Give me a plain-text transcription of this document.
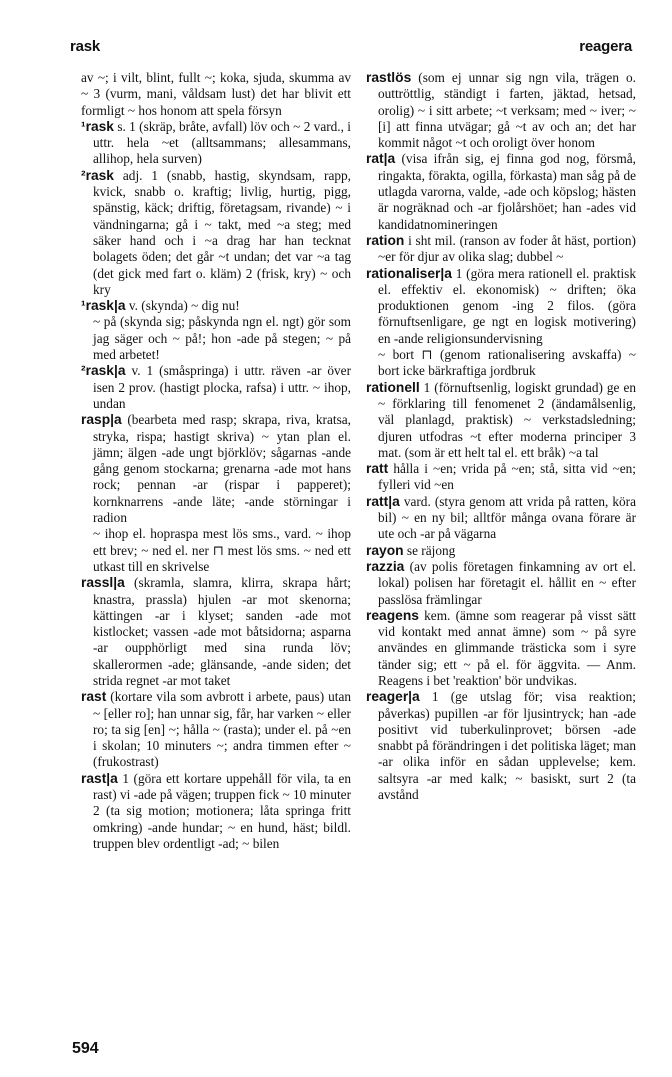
rask	reagera

av ~; i vilt, blint, fullt ~; koka, sjuda, skumma av ~ 3 (vurm, mani, våldsam lust) det har blivit ett formligt ~ hos honom att spela försyn

¹rask s. 1 (skräp, bråte, avfall) löv och ~ 2 vard., i uttr. hela ~et (alltsammans; allesammans, allihop, hela surven)

²rask adj. 1 (snabb, hastig, skyndsam, rapp, kvick, snabb o. kraftig; livlig, hurtig, pigg, spänstig, käck; driftig, företagsam, rivande) ~ i vändningarna; gå i ~ takt, med ~a steg; med säker hand och i ~a drag har han tecknat bolagets öden; det går ~t undan; det var ~a tag (det gick med fart o. kläm) 2 (frisk, kry) ~ och kry

¹rask|a v. (skynda) ~ dig nu!

~ på (skynda sig; påskynda ngn el. ngt) gör som jag säger och ~ på!; hon -ade på stegen; ~ på med arbetet!

²rask|a v. 1 (småspringa) i uttr. räven -ar över isen 2 prov. (hastigt plocka, rafsa) i uttr. ~ ihop, undan

rasp|a (bearbeta med rasp; skrapa, riva, kratsa, stryka, rispa; hastigt skriva) ~ ytan plan el. jämn; älgen -ade ungt björklöv; sågarnas -ande gång genom stockarna; grenarna -ade mot hans rock; pennan -ar (rispar i papperet); kornknarrens -ande läte; -ande störningar i radion

~ ihop el. hopraspa mest lös sms., vard. ~ ihop ett brev; ~ ned el. ner ⊓ mest lös sms. ~ ned ett utkast till en skrivelse

rassl|a (skramla, slamra, klirra, skrapa hårt; knastra, prassla) hjulen -ar mot skenorna; kättingen -ar i klyset; sanden -ade mot kistlocket; vassen -ade mot båtsidorna; asparna -ar oupphörligt med sina runda löv; skallerormen -ade; glänsande, -ande siden; det strida regnet -ar mot taket

rast (kortare vila som avbrott i arbete, paus) utan ~ [eller ro]; han unnar sig, får, har varken ~ eller ro; ta sig [en] ~; hålla ~ (rasta); under el. på ~en i skolan; 10 minuters ~; andra timmen efter ~ (frukostrast)

rast|a 1 (göra ett kortare uppehåll för vila, ta en rast) vi -ade på vägen; truppen fick ~ 10 minuter 2 (ta sig motion; motionera; låta springa fritt omkring) -ande hundar; ~ en hund, häst; bildl. truppen blev ordentligt -ad; ~ bilen

rastlös (som ej unnar sig ngn vila, trägen o. outtröttlig, ständigt i farten, jäktad, hetsad, orolig) ~ i sitt arbete; ~t verksam; med ~ iver; ~ [i] att finna utvägar; gå ~t av och an; det har kommit något ~t och oroligt över honom

rat|a (visa ifrån sig, ej finna god nog, försmå, ringakta, förakta, ogilla, förkasta) man såg på de utlagda varorna, valde, -ade och köpslog; hästen är nogräknad och -ar fjolårshöet; han -ades vid kandidatnomineringen

ration i sht mil. (ranson av foder åt häst, portion) ~er för djur av olika slag; dubbel ~

rationaliser|a 1 (göra mera rationell el. praktisk el. effektiv el. ekonomisk) ~ driften; öka produktionen genom -ing 2 filos. (göra förnuftsenligare, ge ngt en logisk motivering) en -ande religionsundervisning

~ bort ⊓ (genom rationalisering avskaffa) ~ bort icke bärkraftiga jordbruk

rationell 1 (förnuftsenlig, logiskt grundad) ge en ~ förklaring till fenomenet 2 (ändamålsenlig, väl planlagd, praktisk) ~ verkstadsledning; djuren utfodras ~t efter moderna principer 3 mat. (som är ett helt tal el. ett bråk) ~a tal

ratt hålla i ~en; vrida på ~en; stå, sitta vid ~en; fylleri vid ~en

ratt|a vard. (styra genom att vrida på ratten, köra bil) ~ en ny bil; alltför många ovana förare är ute och -ar på vägarna

rayon se räjong

razzia (av polis företagen finkamning av ort el. lokal) polisen har företagit el. hållit en ~ efter passlösa främlingar

reagens kem. (ämne som reagerar på visst sätt vid kontakt med annat ämne) som ~ på syre användes en glimmande trästicka som i syre tänder sig; ett ~ på el. för äggvita. — Anm. Reagens i bet 'reaktion' bör undvikas.

reager|a 1 (ge utslag för; visa reaktion; påverkas) pupillen -ar för ljusintryck; han -ade positivt vid tuberkulinprovet; börsen -ade snabbt på förändringen i det politiska läget; man -ar olika inför en sådan upplevelse; kem. saltsyra -ar med kalk; ~ basiskt, surt 2 (ta avstånd

594
